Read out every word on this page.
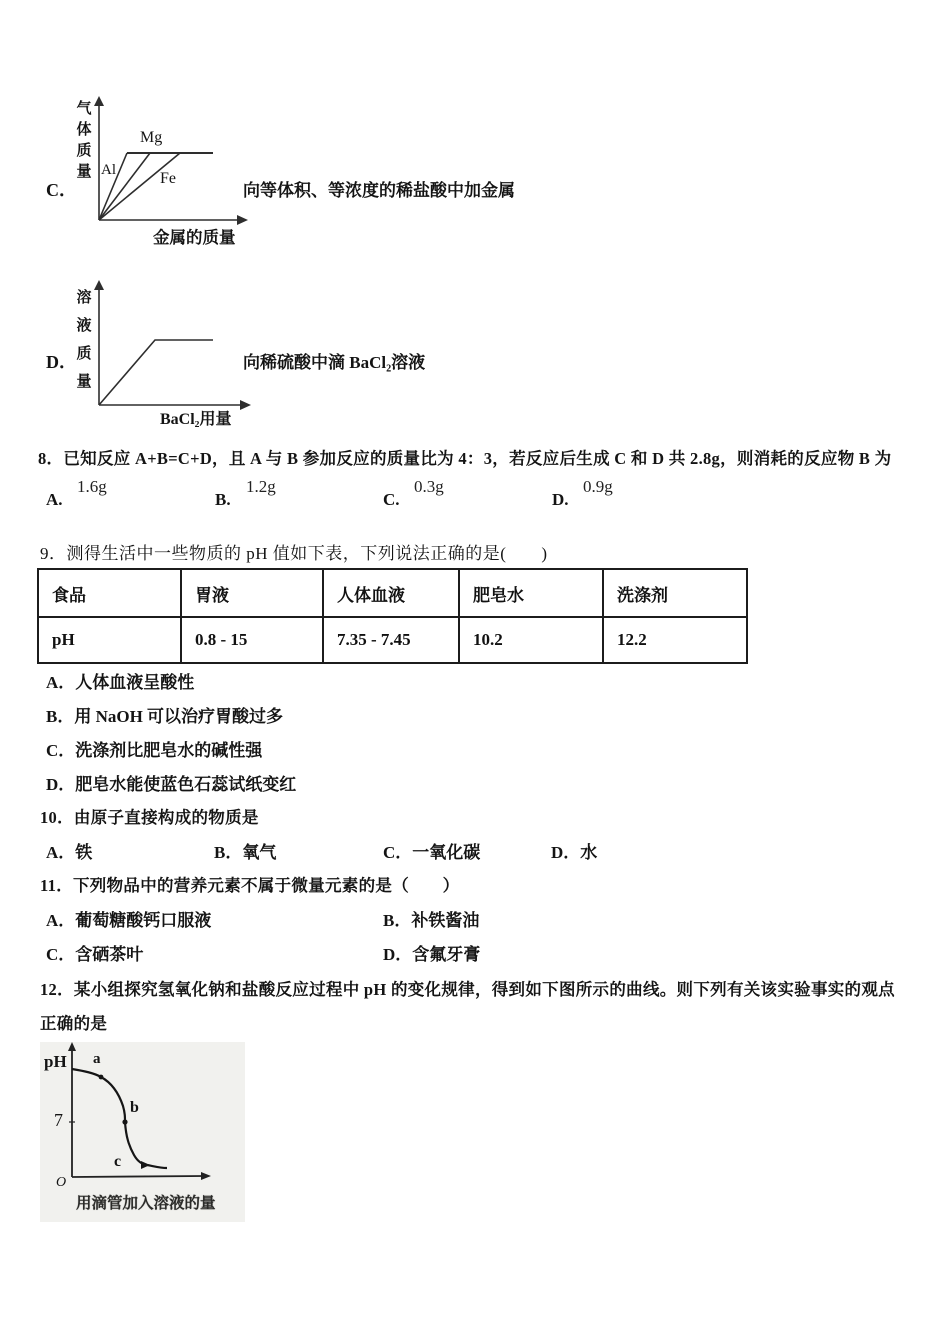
C．
气体质量 Al
Mg
Fe
金属的质量
向等体积、等浓度的稀盐酸中加金属
D．
溶液质量
BaCl₂用量
向稀硫酸中滴 BaCl₂溶液
8．已知反应 A+B=C+D，且 A 与 B 参加反应的质量比为 4：3，若反应后生成 C 和 D 共 2.8g，则消耗的反应物 B 为
A.
1.6g
B.
1.2g
C.
0.3g
D.
0.9g
9．测得生活中一些物质的 pH 值如下表，下列说法正确的是(　　)
食品	胃液	人体血液	肥皂水	洗涤剂
pH	0.8 - 15	7.35 - 7.45	10.2	12.2
A．人体血液呈酸性
B．用 NaOH 可以治疗胃酸过多
C．洗涤剂比肥皂水的碱性强
D．肥皂水能使蓝色石蕊试纸变红
10．由原子直接构成的物质是
A．铁	B．氧气	C．一氧化碳	D．水
11．下列物品中的营养元素不属于微量元素的是（　　）
A．葡萄糖酸钙口服液	B．补铁酱油
C．含硒茶叶	D．含氟牙膏
12．某小组探究氢氧化钠和盐酸反应过程中 pH 的变化规律，得到如下图所示的曲线。则下列有关该实验事实的观点
正确的是
pH
7
O
a
b
c
用滴管加入溶液的量
